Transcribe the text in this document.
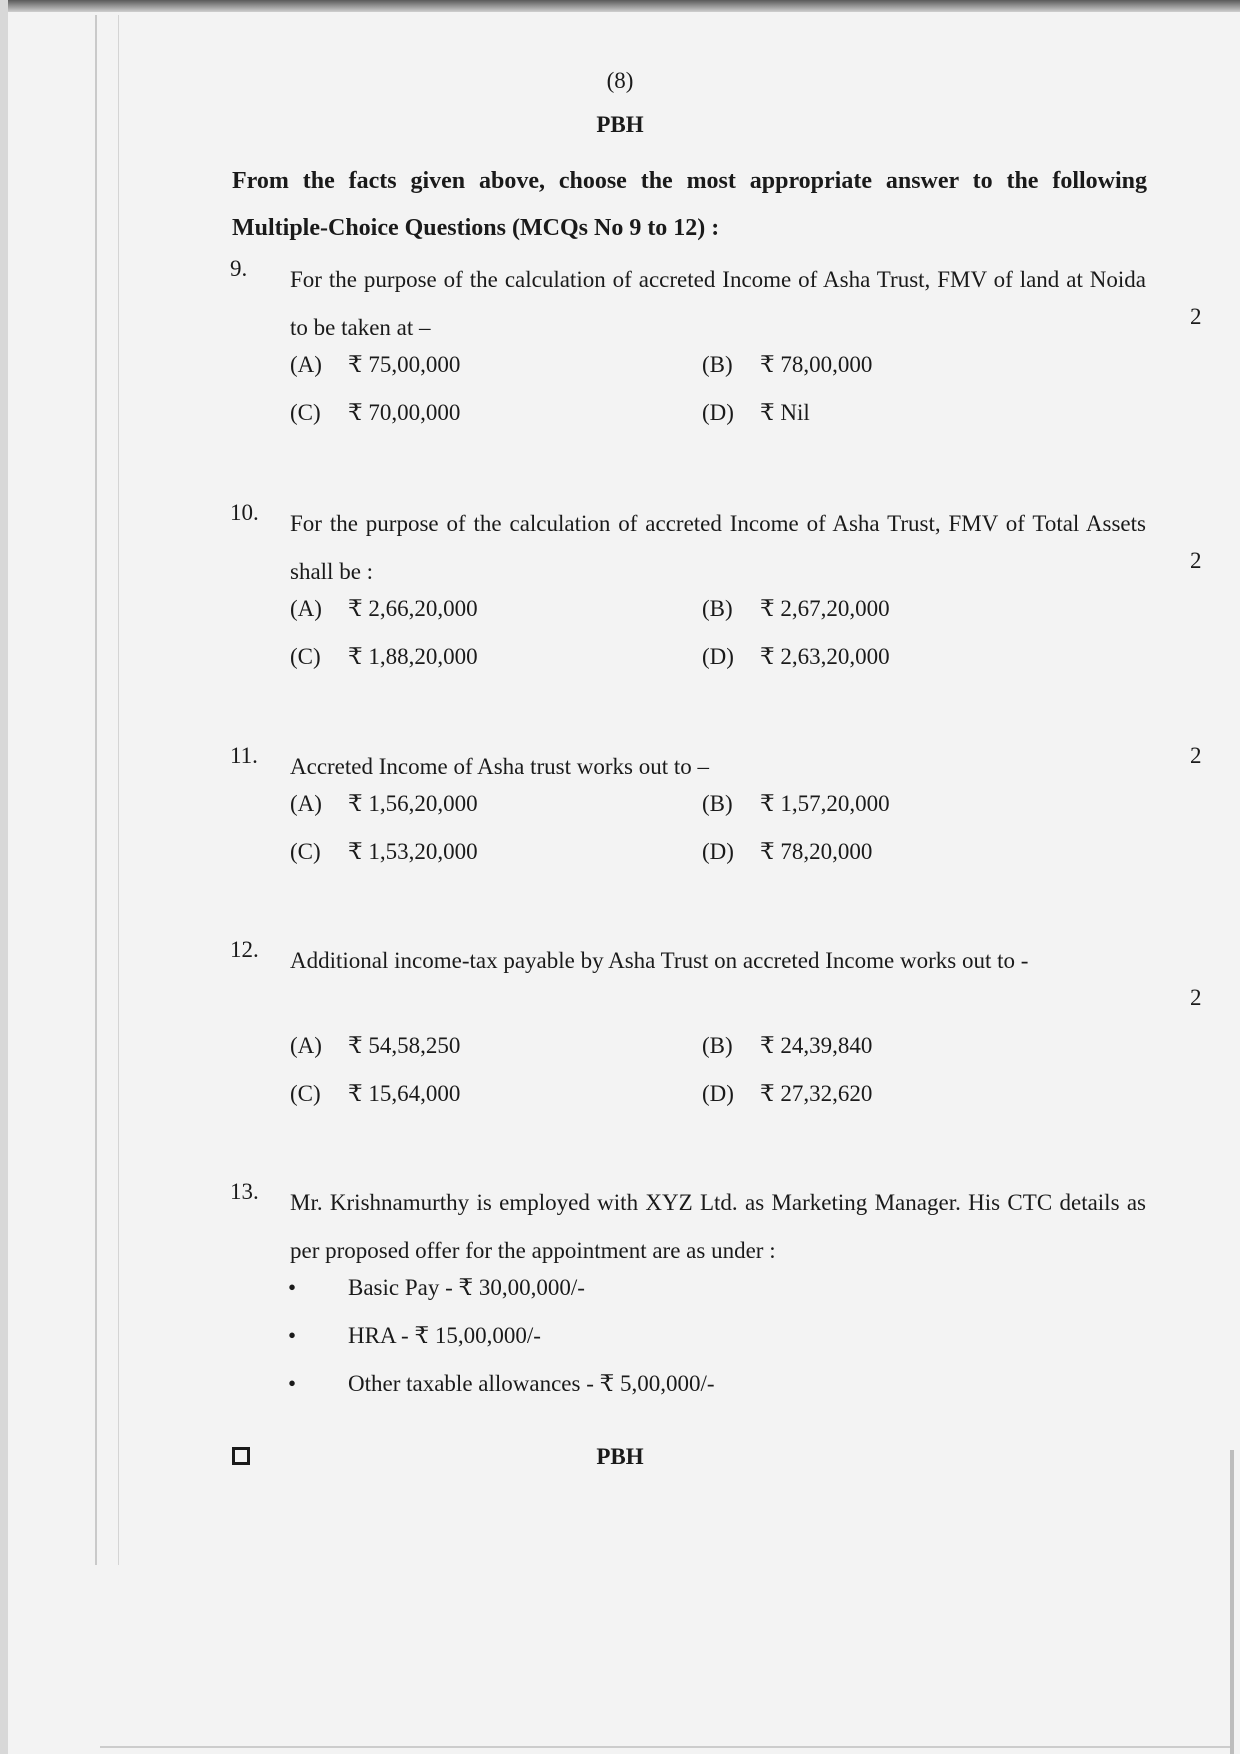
(8)
PBH
From the facts given above, choose the most appropriate answer to the following Multiple-Choice Questions (MCQs No 9 to 12) :
9. For the purpose of the calculation of accreted Income of Asha Trust, FMV of land at Noida to be taken at –	2
(A) ₹ 75,00,000	(B) ₹ 78,00,000
(C) ₹ 70,00,000	(D) ₹ Nil
10. For the purpose of the calculation of accreted Income of Asha Trust, FMV of Total Assets shall be :	2
(A) ₹ 2,66,20,000	(B) ₹ 2,67,20,000
(C) ₹ 1,88,20,000	(D) ₹ 2,63,20,000
11. Accreted Income of Asha trust works out to –	2
(A) ₹ 1,56,20,000	(B) ₹ 1,57,20,000
(C) ₹ 1,53,20,000	(D) ₹ 78,20,000
12. Additional income-tax payable by Asha Trust on accreted Income works out to -
2
(A) ₹ 54,58,250	(B) ₹ 24,39,840
(C) ₹ 15,64,000	(D) ₹ 27,32,620
13. Mr. Krishnamurthy is employed with XYZ Ltd. as Marketing Manager. His CTC details as per proposed offer for the appointment are as under :
• Basic Pay - ₹ 30,00,000/-
• HRA - ₹ 15,00,000/-
• Other taxable allowances - ₹ 5,00,000/-
PBH
